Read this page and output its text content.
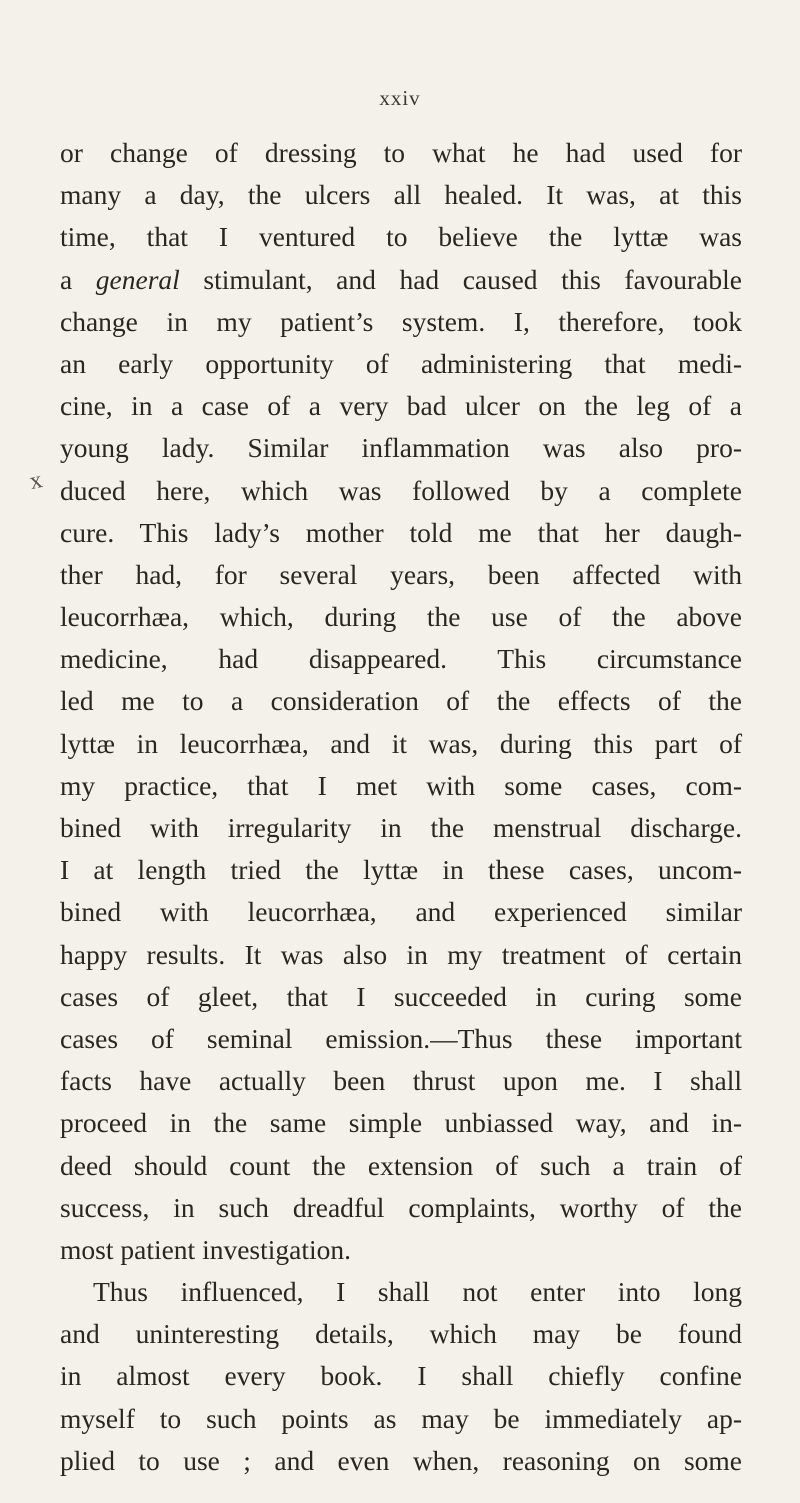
xxiv
x
or change of dressing to what he had used for
many a day, the ulcers all healed. It was, at this
time, that I ventured to believe the lyttæ was
a general stimulant, and had caused this favourable
change in my patient’s system. I, therefore, took
an early opportunity of administering that medi-
cine, in a case of a very bad ulcer on the leg of a
young lady. Similar inflammation was also pro-
duced here, which was followed by a complete
cure. This lady’s mother told me that her daugh-
ther had, for several years, been affected with
leucorrhæa, which, during the use of the above
medicine, had disappeared. This circumstance
led me to a consideration of the effects of the
lyttæ in leucorrhæa, and it was, during this part of
my practice, that I met with some cases, com-
bined with irregularity in the menstrual discharge.
I at length tried the lyttæ in these cases, uncom-
bined with leucorrhæa, and experienced similar
happy results. It was also in my treatment of certain
cases of gleet, that I succeeded in curing some
cases of seminal emission.—Thus these important
facts have actually been thrust upon me. I shall
proceed in the same simple unbiassed way, and in-
deed should count the extension of such a train of
success, in such dreadful complaints, worthy of the
most patient investigation.
Thus influenced, I shall not enter into long
and uninteresting details, which may be found
in almost every book. I shall chiefly confine
myself to such points as may be immediately ap-
plied to use ; and even when, reasoning on some
